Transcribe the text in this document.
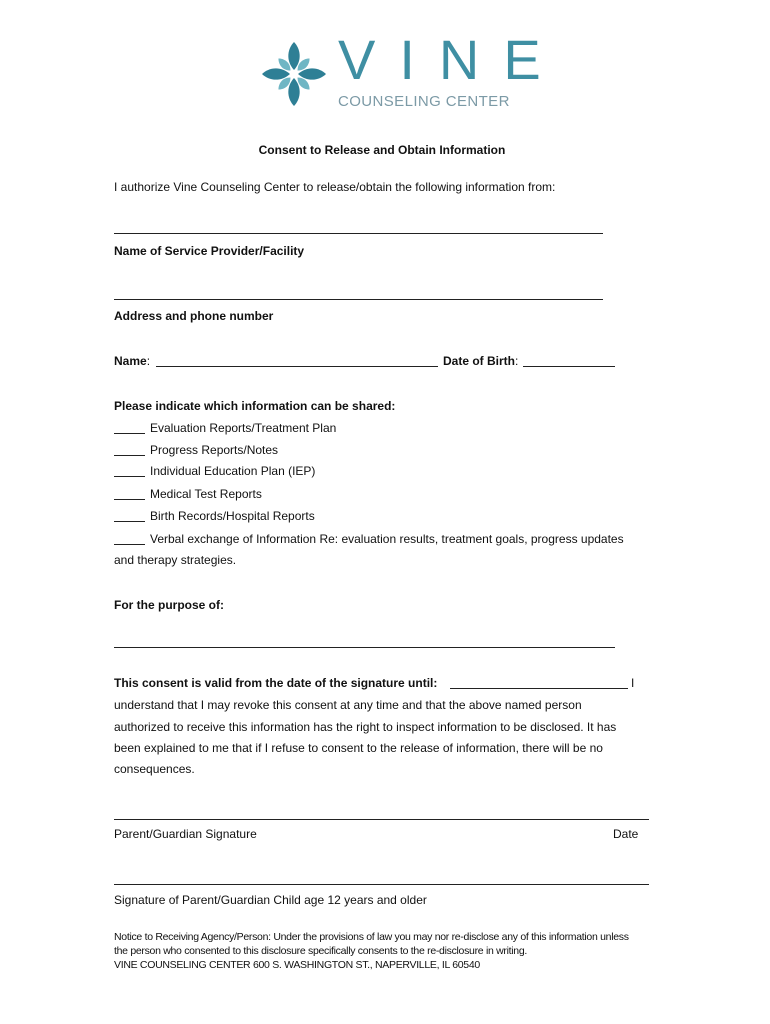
VINE
COUNSELING CENTER
Consent to Release and Obtain Information
I authorize Vine Counseling Center to release/obtain the following information from:
Name of Service Provider/Facility
Address and phone number
Name:	Date of Birth:
Please indicate which information can be shared:
Evaluation Reports/Treatment Plan
Progress Reports/Notes
Individual Education Plan (IEP)
Medical Test Reports
Birth Records/Hospital Reports
Verbal exchange of Information Re: evaluation results, treatment goals, progress updates
and therapy strategies.
For the purpose of:
This consent is valid from the date of the signature until:	I
understand that I may revoke this consent at any time and that the above named person
authorized to receive this information has the right to inspect information to be disclosed. It has
been explained to me that if I refuse to consent to the release of information, there will be no
consequences.
Parent/Guardian Signature	Date
Signature of Parent/Guardian Child age 12 years and older
Notice to Receiving Agency/Person: Under the provisions of law you may nor re-disclose any of this information unless
the person who consented to this disclosure specifically consents to the re-disclosure in writing.
VINE COUNSELING CENTER 600 S. WASHINGTON ST., NAPERVILLE, IL 60540
